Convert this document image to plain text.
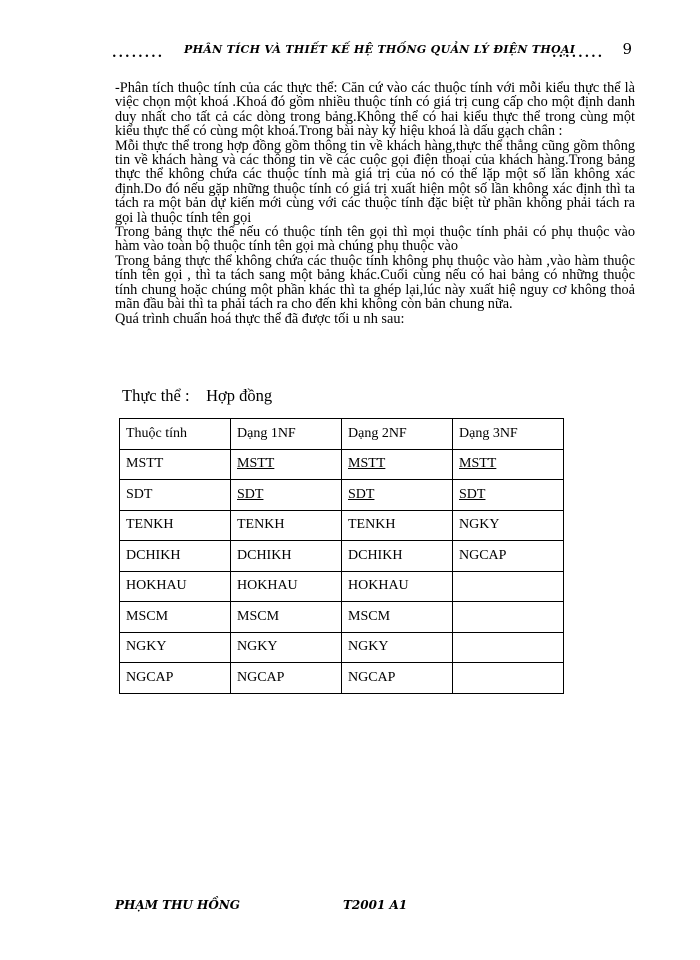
........ PHÂN TÍCH VÀ THIẾT KẾ HỆ THỐNG QUẢN LÝ ĐIỆN THOẠI
........ 9

-Phân tích thuộc tính của các thực thể: Căn cứ vào các thuộc tính với mỗi kiểu thực thể là việc chọn một khoá .Khoá đó gồm nhiều thuộc tính có giá trị cung cấp cho một định danh duy nhất cho tất cả các dòng trong bảng.Không thể có hai kiểu thực thể trong cùng một kiểu thực thể có cùng một khoá.Trong bài này ký hiệu khoá là dấu gạch chân :

Mỗi thực thể trong hợp đồng gồm thông tin về khách hàng,thực thể thẳng cũng gồm thông tin về khách hàng và các thông tin về các cuộc gọi điện thoại của khách hàng.Trong bảng thực thể không chứa các thuộc tính mà giá trị của nó có thể lặp một số lần không xác định.Do đó nếu gặp những thuộc tính có giá trị xuất hiện một số lần không xác định thì ta tách ra một bản dự kiến mới cùng với các thuộc tính đặc biệt từ phần không phải tách ra gọi là thuộc tính tên gọi

Trong bảng thực thể nếu có thuộc tính tên gọi thì mọi thuộc tính phải có phụ thuộc vào hàm vào toàn bộ thuộc tính tên gọi mà chúng phụ thuộc vào

Trong bảng thực thể không chứa các thuộc tính không phụ thuộc vào hàm ,vào hàm thuộc tính tên gọi , thì ta tách sang một bảng khác.Cuối cùng nếu có hai bảng có những thuộc tính chung hoặc chúng một phần khác thì ta ghép lại,lúc này xuất hiệ nguy cơ không thoả mãn đầu bài thì ta phải tách ra cho đến khi không còn bản chung nữa.

Quá trình chuẩn hoá thực thể đã được tối u nh sau:

Thực thể : Hợp đồng
Thuộc tính	Dạng 1NF	Dạng 2NF	Dạng 3NF
MSTT	MSTT	MSTT	MSTT
SDT	SDT	SDT	SDT
TENKH	TENKH	TENKH	NGKY
DCHIKH	DCHIKH	DCHIKH	NGCAP
HOKHAU	HOKHAU	HOKHAU	
MSCM	MSCM	MSCM	
NGKY	NGKY	NGKY	
NGCAP	NGCAP	NGCAP	
PHẠM THU HỒNG	T2001 A1
